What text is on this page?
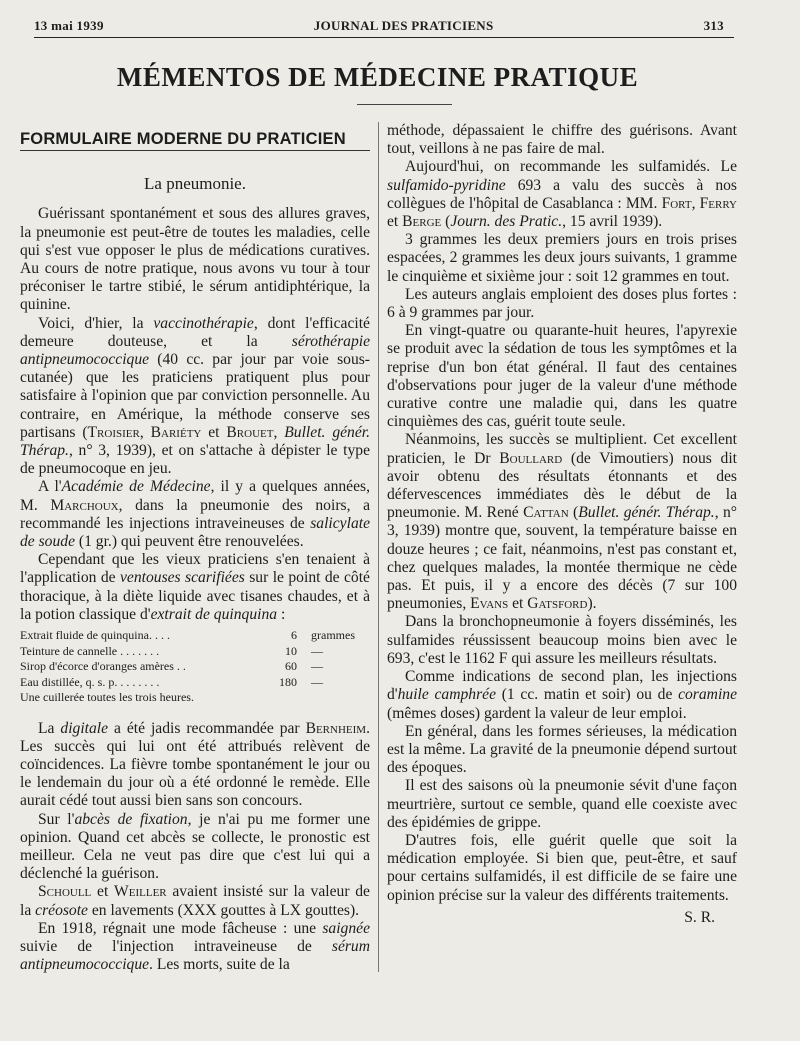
13 mai 1939	JOURNAL DES PRATICIENS	313
MÉMENTOS DE MÉDECINE PRATIQUE
FORMULAIRE MODERNE DU PRATICIEN
La pneumonie.

Guérissant spontanément et sous des allures graves, la pneumonie est peut-être de toutes les maladies, celle qui s'est vue opposer le plus de médications curatives. Au cours de notre pratique, nous avons vu tour à tour préconiser le tartre stibié, le sérum antidiphtérique, la quinine.

Voici, d'hier, la vaccinothérapie, dont l'efficacité demeure douteuse, et la sérothérapie antipneumococcique (40 cc. par jour par voie sous-cutanée) que les praticiens pratiquent plus pour satisfaire à l'opinion que par conviction personnelle. Au contraire, en Amérique, la méthode conserve ses partisans (Troisier, Bariéty et Brouet, Bullet. génér. Thérap., n° 3, 1939), et on s'attache à dépister le type de pneumocoque en jeu.

A l'Académie de Médecine, il y a quelques années, M. Marchoux, dans la pneumonie des noirs, a recommandé les injections intraveineuses de salicylate de soude (1 gr.) qui peuvent être renouvelées.

Cependant que les vieux praticiens s'en tenaient à l'application de ventouses scarifiées sur le point de côté thoracique, à la diète liquide avec tisanes chaudes, et à la potion classique d'extrait de quinquina :

Extrait fluide de quinquina. . . .	6	grammes
Teinture de cannelle . . . . . . .	10	—
Sirop d'écorce d'oranges amères . .	60	—
Eau distillée, q. s. p. . . . . . . .	180	—
Une cuillerée toutes les trois heures.

La digitale a été jadis recommandée par Bernheim. Les succès qui lui ont été attribués relèvent de coïncidences. La fièvre tombe spontanément le jour ou le lendemain du jour où a été ordonné le remède. Elle aurait cédé tout aussi bien sans son concours.

Sur l'abcès de fixation, je n'ai pu me former une opinion. Quand cet abcès se collecte, le pronostic est meilleur. Cela ne veut pas dire que c'est lui qui a déclenché la guérison.

Schoull et Weiller avaient insisté sur la valeur de la créosote en lavements (XXX gouttes à LX gouttes).

En 1918, régnait une mode fâcheuse : une saignée suivie de l'injection intraveineuse de sérum antipneumococcique. Les morts, suite de la

méthode, dépassaient le chiffre des guérisons. Avant tout, veillons à ne pas faire de mal.

Aujourd'hui, on recommande les sulfamidés. Le sulfamido-pyridine 693 a valu des succès à nos collègues de l'hôpital de Casablanca : MM. Fort, Ferry et Berge (Journ. des Pratic., 15 avril 1939).

3 grammes les deux premiers jours en trois prises espacées, 2 grammes les deux jours suivants, 1 gramme le cinquième et sixième jour : soit 12 grammes en tout.

Les auteurs anglais emploient des doses plus fortes : 6 à 9 grammes par jour.

En vingt-quatre ou quarante-huit heures, l'apyrexie se produit avec la sédation de tous les symptômes et la reprise d'un bon état général. Il faut des centaines d'observations pour juger de la valeur d'une méthode curative contre une maladie qui, dans les quatre cinquièmes des cas, guérit toute seule.

Néanmoins, les succès se multiplient. Cet excellent praticien, le Dr Boullard (de Vimoutiers) nous dit avoir obtenu des résultats étonnants et des défervescences immédiates dès le début de la pneumonie. M. René Cattan (Bullet. génér. Thérap., n° 3, 1939) montre que, souvent, la température baisse en douze heures ; ce fait, néanmoins, n'est pas constant et, chez quelques malades, la montée thermique ne cède pas. Et puis, il y a encore des décès (7 sur 100 pneumonies, Evans et Gatsford).

Dans la bronchopneumonie à foyers disséminés, les sulfamides réussissent beaucoup moins bien avec le 693, c'est le 1162 F qui assure les meilleurs résultats.

Comme indications de second plan, les injections d'huile camphrée (1 cc. matin et soir) ou de coramine (mêmes doses) gardent la valeur de leur emploi.

En général, dans les formes sérieuses, la médication est la même. La gravité de la pneumonie dépend surtout des époques.

Il est des saisons où la pneumonie sévit d'une façon meurtrière, surtout ce semble, quand elle coexiste avec des épidémies de grippe.

D'autres fois, elle guérit quelle que soit la médication employée. Si bien que, peut-être, et sauf pour certains sulfamidés, il est difficile de se faire une opinion précise sur la valeur des différents traitements.

S. R.
